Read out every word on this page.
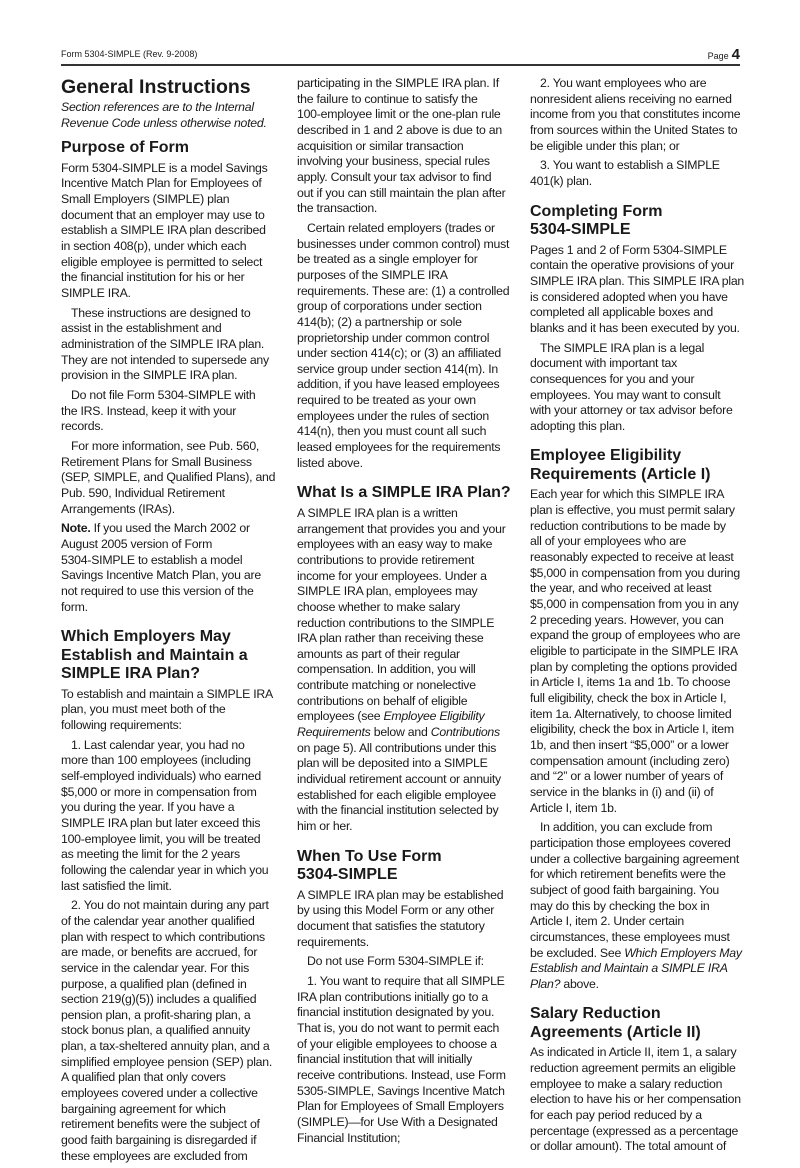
Form 5304-SIMPLE (Rev. 9-2008)	Page 4
General Instructions
Section references are to the Internal
Revenue Code unless otherwise noted.
Purpose of Form
Form 5304-SIMPLE is a model Savings
Incentive Match Plan for Employees of
Small Employers (SIMPLE) plan
document that an employer may use to
establish a SIMPLE IRA plan described
in section 408(p), under which each
eligible employee is permitted to select
the financial institution for his or her
SIMPLE IRA.
These instructions are designed to
assist in the establishment and
administration of the SIMPLE IRA plan.
They are not intended to supersede any
provision in the SIMPLE IRA plan.
Do not file Form 5304-SIMPLE with
the IRS. Instead, keep it with your
records.
For more information, see Pub. 560,
Retirement Plans for Small Business
(SEP, SIMPLE, and Qualified Plans), and
Pub. 590, Individual Retirement
Arrangements (IRAs).
Note. If you used the March 2002 or
August 2005 version of Form
5304-SIMPLE to establish a model
Savings Incentive Match Plan, you are
not required to use this version of the
form.
Which Employers May
Establish and Maintain a
SIMPLE IRA Plan?
To establish and maintain a SIMPLE IRA
plan, you must meet both of the
following requirements:
1. Last calendar year, you had no
more than 100 employees (including
self-employed individuals) who earned
$5,000 or more in compensation from
you during the year. If you have a
SIMPLE IRA plan but later exceed this
100-employee limit, you will be treated
as meeting the limit for the 2 years
following the calendar year in which you
last satisfied the limit.
2. You do not maintain during any part
of the calendar year another qualified
plan with respect to which contributions
are made, or benefits are accrued, for
service in the calendar year. For this
purpose, a qualified plan (defined in
section 219(g)(5)) includes a qualified
pension plan, a profit-sharing plan, a
stock bonus plan, a qualified annuity
plan, a tax-sheltered annuity plan, and a
simplified employee pension (SEP) plan.
A qualified plan that only covers
employees covered under a collective
bargaining agreement for which
retirement benefits were the subject of
good faith bargaining is disregarded if
these employees are excluded from
participating in the SIMPLE IRA plan. If
the failure to continue to satisfy the
100-employee limit or the one-plan rule
described in 1 and 2 above is due to an
acquisition or similar transaction
involving your business, special rules
apply. Consult your tax advisor to find
out if you can still maintain the plan after
the transaction.
Certain related employers (trades or
businesses under common control) must
be treated as a single employer for
purposes of the SIMPLE IRA
requirements. These are: (1) a controlled
group of corporations under section
414(b); (2) a partnership or sole
proprietorship under common control
under section 414(c); or (3) an affiliated
service group under section 414(m). In
addition, if you have leased employees
required to be treated as your own
employees under the rules of section
414(n), then you must count all such
leased employees for the requirements
listed above.
What Is a SIMPLE IRA Plan?
A SIMPLE IRA plan is a written
arrangement that provides you and your
employees with an easy way to make
contributions to provide retirement
income for your employees. Under a
SIMPLE IRA plan, employees may
choose whether to make salary
reduction contributions to the SIMPLE
IRA plan rather than receiving these
amounts as part of their regular
compensation. In addition, you will
contribute matching or nonelective
contributions on behalf of eligible
employees (see Employee Eligibility
Requirements below and Contributions
on page 5). All contributions under this
plan will be deposited into a SIMPLE
individual retirement account or annuity
established for each eligible employee
with the financial institution selected by
him or her.
When To Use Form
5304-SIMPLE
A SIMPLE IRA plan may be established
by using this Model Form or any other
document that satisfies the statutory
requirements.
Do not use Form 5304-SIMPLE if:
1. You want to require that all SIMPLE
IRA plan contributions initially go to a
financial institution designated by you.
That is, you do not want to permit each
of your eligible employees to choose a
financial institution that will initially
receive contributions. Instead, use Form
5305-SIMPLE, Savings Incentive Match
Plan for Employees of Small Employers
(SIMPLE)—for Use With a Designated
Financial Institution;
2. You want employees who are
nonresident aliens receiving no earned
income from you that constitutes income
from sources within the United States to
be eligible under this plan; or
3. You want to establish a SIMPLE
401(k) plan.
Completing Form
5304-SIMPLE
Pages 1 and 2 of Form 5304-SIMPLE
contain the operative provisions of your
SIMPLE IRA plan. This SIMPLE IRA plan
is considered adopted when you have
completed all applicable boxes and
blanks and it has been executed by you.
The SIMPLE IRA plan is a legal
document with important tax
consequences for you and your
employees. You may want to consult
with your attorney or tax advisor before
adopting this plan.
Employee Eligibility
Requirements (Article I)
Each year for which this SIMPLE IRA
plan is effective, you must permit salary
reduction contributions to be made by
all of your employees who are
reasonably expected to receive at least
$5,000 in compensation from you during
the year, and who received at least
$5,000 in compensation from you in any
2 preceding years. However, you can
expand the group of employees who are
eligible to participate in the SIMPLE IRA
plan by completing the options provided
in Article I, items 1a and 1b. To choose
full eligibility, check the box in Article I,
item 1a. Alternatively, to choose limited
eligibility, check the box in Article I, item
1b, and then insert “$5,000” or a lower
compensation amount (including zero)
and “2” or a lower number of years of
service in the blanks in (i) and (ii) of
Article I, item 1b.
In addition, you can exclude from
participation those employees covered
under a collective bargaining agreement
for which retirement benefits were the
subject of good faith bargaining. You
may do this by checking the box in
Article I, item 2. Under certain
circumstances, these employees must
be excluded. See Which Employers May
Establish and Maintain a SIMPLE IRA
Plan? above.
Salary Reduction
Agreements (Article II)
As indicated in Article II, item 1, a salary
reduction agreement permits an eligible
employee to make a salary reduction
election to have his or her compensation
for each pay period reduced by a
percentage (expressed as a percentage
or dollar amount). The total amount of
